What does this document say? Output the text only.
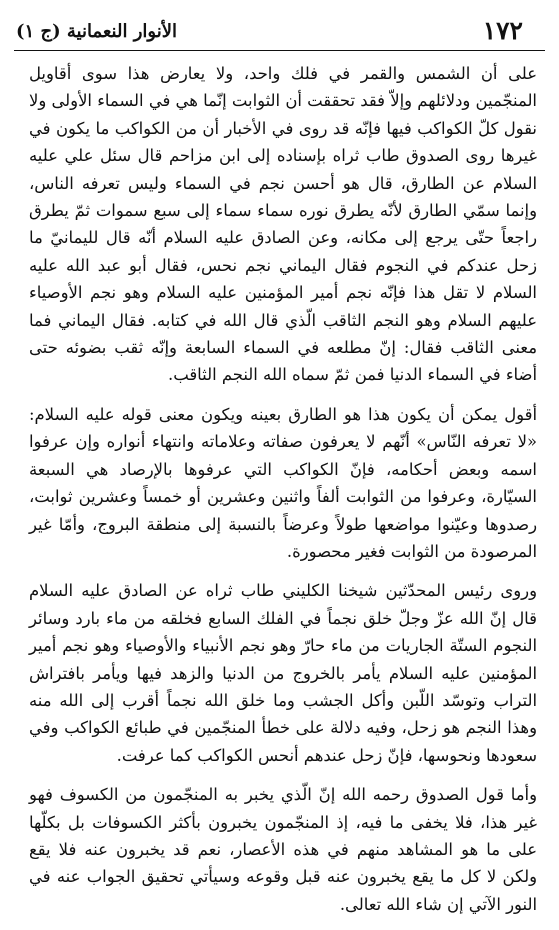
١٧٢
الأنوار النعمانية (ج ١)

على أن الشمس والقمر في فلك واحد، ولا يعارض هذا سوى أقاويل المنجّمين ودلائلهم وإلاّ فقد تحققت أن الثوابت إنّما هي في السماء الأولى ولا نقول كلّ الكواكب فيها فإنّه قد روى في الأخبار أن من الكواكب ما يكون في غيرها روى الصدوق طاب ثراه بإسناده إلى ابن مزاحم قال سئل علي عليه السلام عن الطارق، قال هو أحسن نجم في السماء وليس تعرفه الناس، وإنما سمّي الطارق لأنّه يطرق نوره سماء سماء إلى سبع سموات ثمّ يطرق راجعاً حتّى يرجع إلى مكانه، وعن الصادق عليه السلام أنّه قال لليمانيّ ما زحل عندكم في النجوم فقال اليماني نجم نحس، فقال أبو عبد الله عليه السلام لا تقل هذا فإنّه نجم أمير المؤمنين عليه السلام وهو نجم الأوصياء عليهم السلام وهو النجم الثاقب الّذي قال الله في كتابه. فقال اليماني فما معنى الثاقب فقال: إنّ مطلعه في السماء السابعة وإنّه ثقب بضوئه حتى أضاء في السماء الدنيا فمن ثمّ سماه الله النجم الثاقب.

أقول يمكن أن يكون هذا هو الطارق بعينه ويكون معنى قوله عليه السلام: «لا تعرفه النّاس» أنّهم لا يعرفون صفاته وعلاماته وانتهاء أنواره وإن عرفوا اسمه وبعض أحكامه، فإنّ الكواكب التي عرفوها بالإرصاد هي السبعة السيّارة، وعرفوا من الثوابت ألفاً واثنين وعشرين أو خمساً وعشرين ثوابت، رصدوها وعيّنوا مواضعها طولاً وعرضاً بالنسبة إلى منطقة البروج، وأمّا غير المرصودة من الثوابت فغير محصورة.

وروى رئيس المحدّثين شيخنا الكليني طاب ثراه عن الصادق عليه السلام قال إنّ الله عزّ وجلّ خلق نجماً في الفلك السابع فخلقه من ماء بارد وسائر النجوم الستّة الجاريات من ماء حارّ وهو نجم الأنبياء والأوصياء وهو نجم أمير المؤمنين عليه السلام يأمر بالخروج من الدنيا والزهد فيها ويأمر بافتراش التراب وتوسّد اللّبن وأكل الجشب وما خلق الله نجماً أقرب إلى الله منه وهذا النجم هو زحل، وفيه دلالة على خطأ المنجّمين في طبائع الكواكب وفي سعودها ونحوسها، فإنّ زحل عندهم أنحس الكواكب كما عرفت.

وأما قول الصدوق رحمه الله إنّ الّذي يخبر به المنجّمون من الكسوف فهو غير هذا، فلا يخفى ما فيه، إذ المنجّمون يخبرون بأكثر الكسوفات بل بكلّها على ما هو المشاهد منهم في هذه الأعصار، نعم قد يخبرون عنه فلا يقع ولكن لا كل ما يقع يخبرون عنه قبل وقوعه وسيأتي تحقيق الجواب عنه في النور الآتي إن شاء الله تعالى.
